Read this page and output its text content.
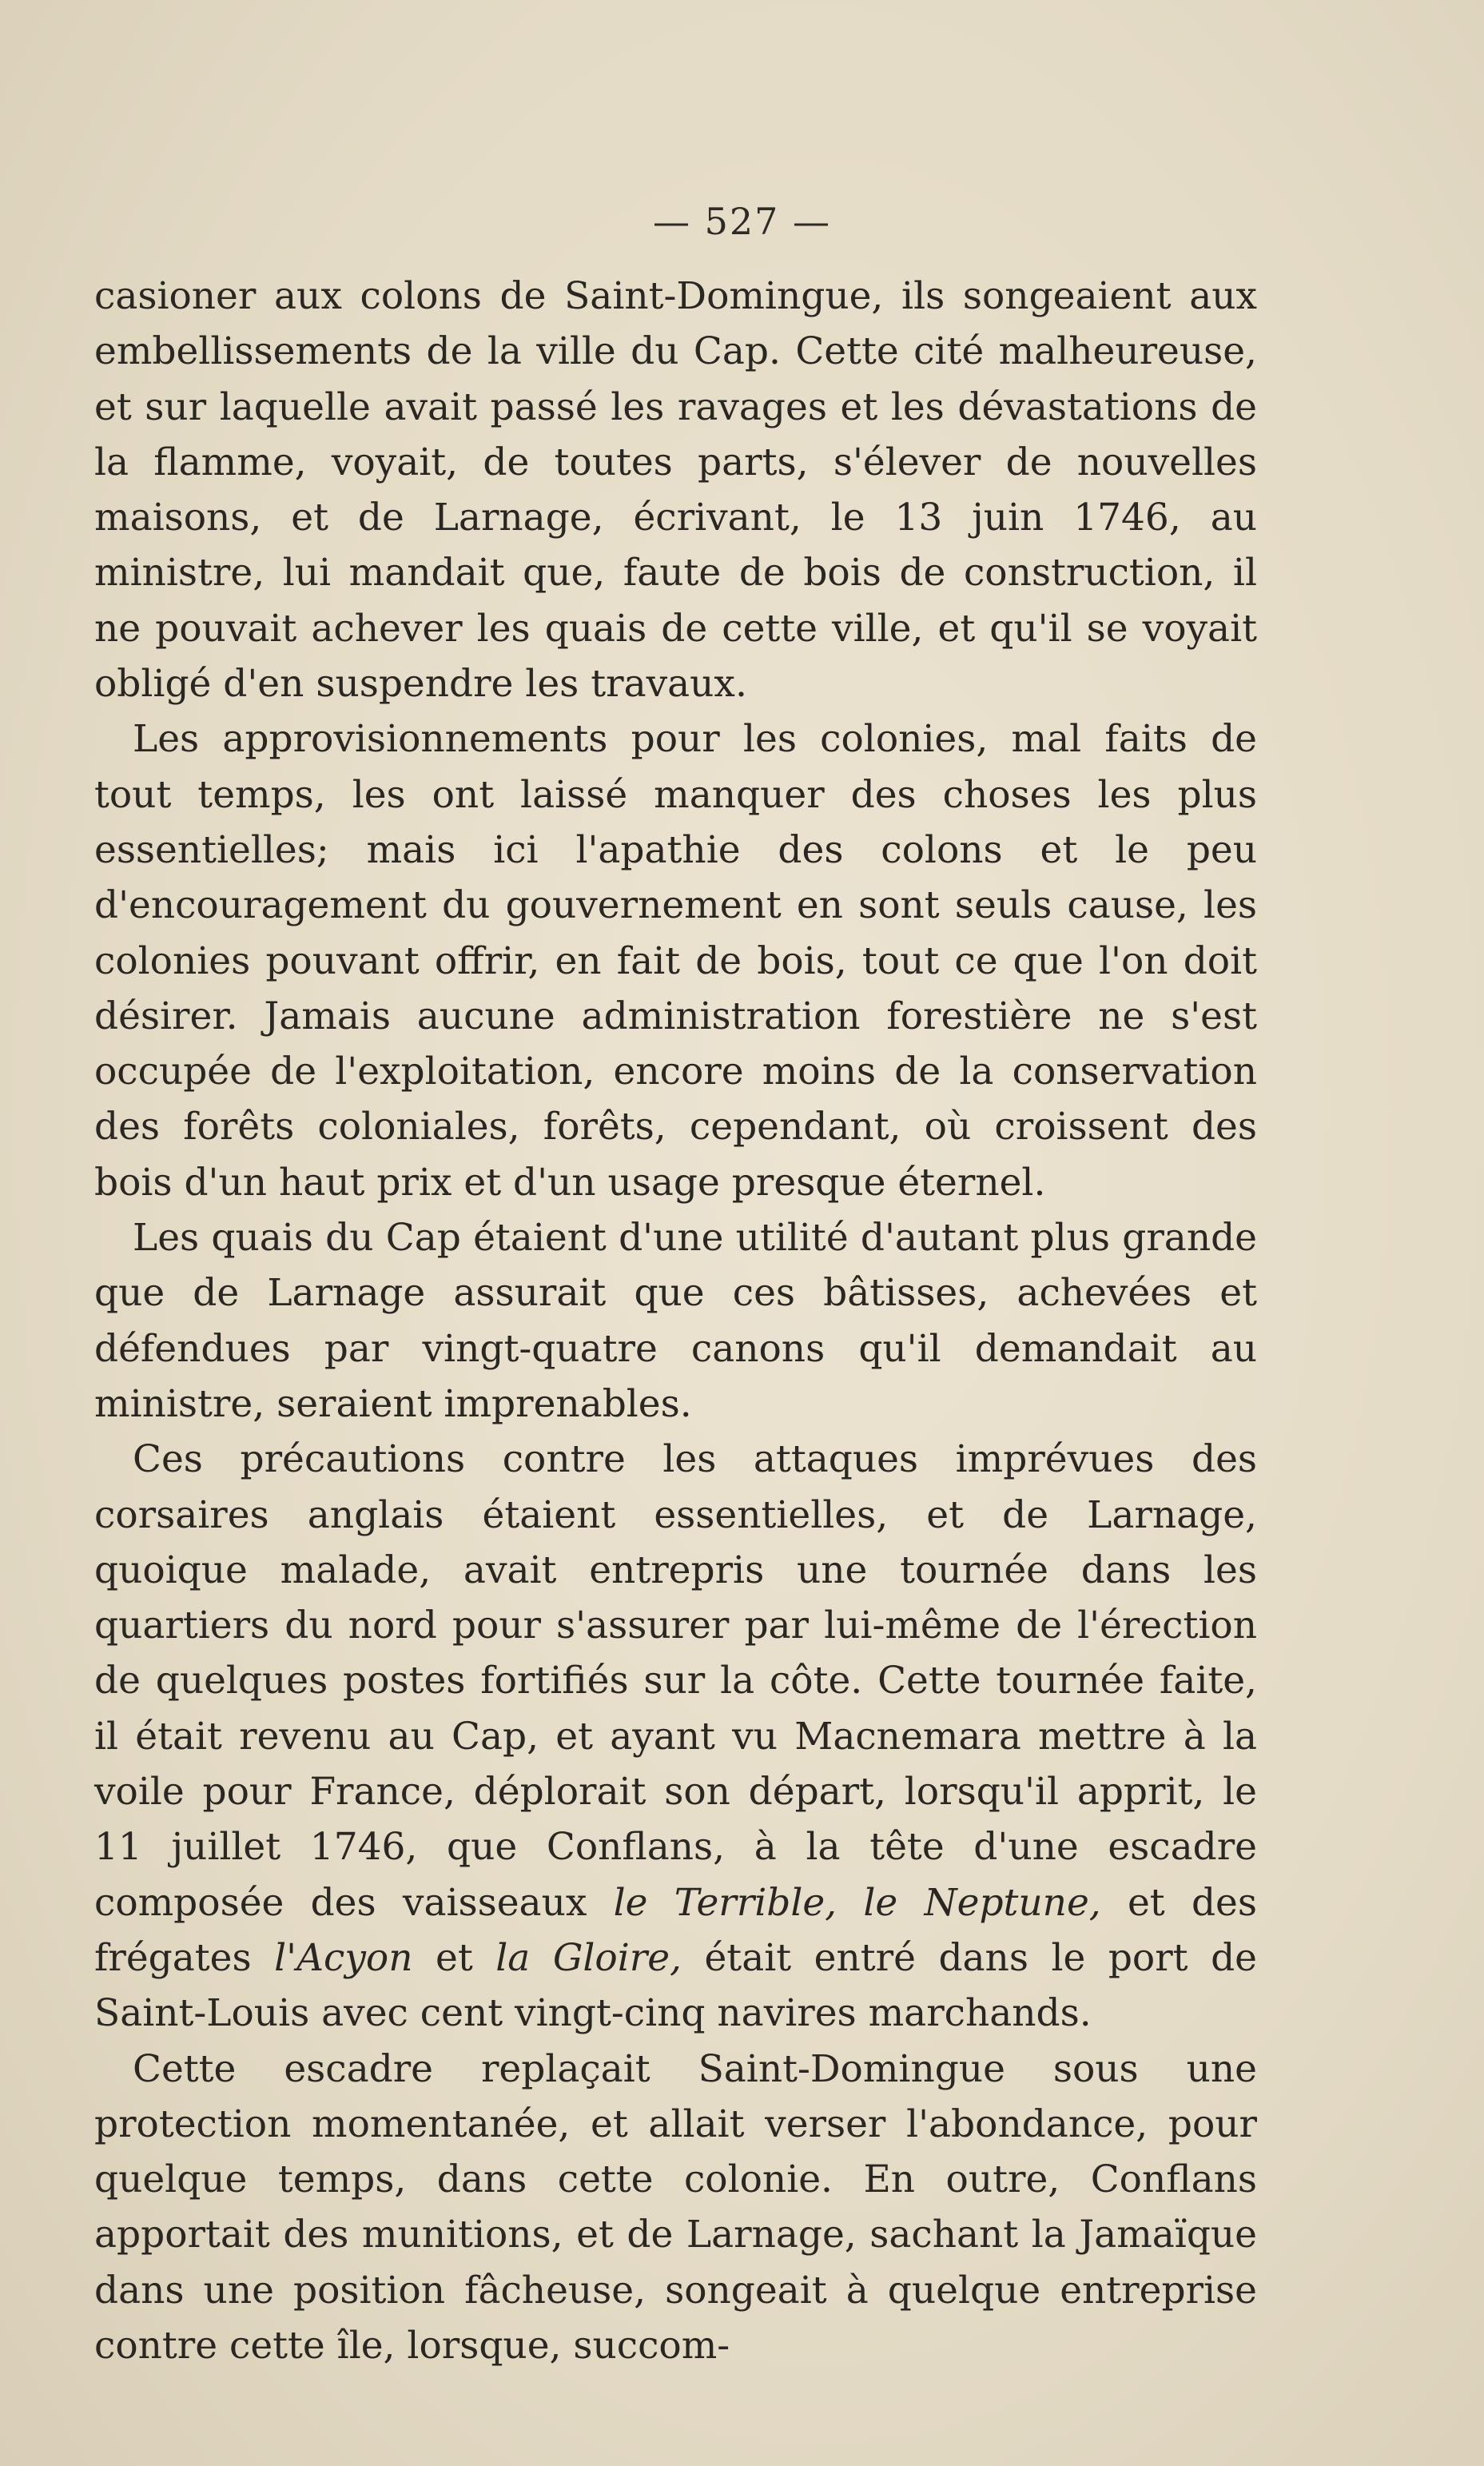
— 527 —

casioner aux colons de Saint-Domingue, ils songeaient aux embellissements de la ville du Cap. Cette cité malheureuse, et sur laquelle avait passé les ravages et les dévastations de la flamme, voyait, de toutes parts, s'élever de nouvelles maisons, et de Larnage, écrivant, le 13 juin 1746, au ministre, lui mandait que, faute de bois de construction, il ne pouvait achever les quais de cette ville, et qu'il se voyait obligé d'en suspendre les travaux.

Les approvisionnements pour les colonies, mal faits de tout temps, les ont laissé manquer des choses les plus essentielles; mais ici l'apathie des colons et le peu d'encouragement du gouvernement en sont seuls cause, les colonies pouvant offrir, en fait de bois, tout ce que l'on doit désirer. Jamais aucune administration forestière ne s'est occupée de l'exploitation, encore moins de la conservation des forêts coloniales, forêts, cependant, où croissent des bois d'un haut prix et d'un usage presque éternel.

Les quais du Cap étaient d'une utilité d'autant plus grande que de Larnage assurait que ces bâtisses, achevées et défendues par vingt-quatre canons qu'il demandait au ministre, seraient imprenables.

Ces précautions contre les attaques imprévues des corsaires anglais étaient essentielles, et de Larnage, quoique malade, avait entrepris une tournée dans les quartiers du nord pour s'assurer par lui-même de l'érection de quelques postes fortifiés sur la côte. Cette tournée faite, il était revenu au Cap, et ayant vu Macnemara mettre à la voile pour France, déplorait son départ, lorsqu'il apprit, le 11 juillet 1746, que Conflans, à la tête d'une escadre composée des vaisseaux le Terrible, le Neptune, et des frégates l'Acyon et la Gloire, était entré dans le port de Saint-Louis avec cent vingt-cinq navires marchands.

Cette escadre replaçait Saint-Domingue sous une protection momentanée, et allait verser l'abondance, pour quelque temps, dans cette colonie. En outre, Conflans apportait des munitions, et de Larnage, sachant la Jamaïque dans une position fâcheuse, songeait à quelque entreprise contre cette île, lorsque, succom-
